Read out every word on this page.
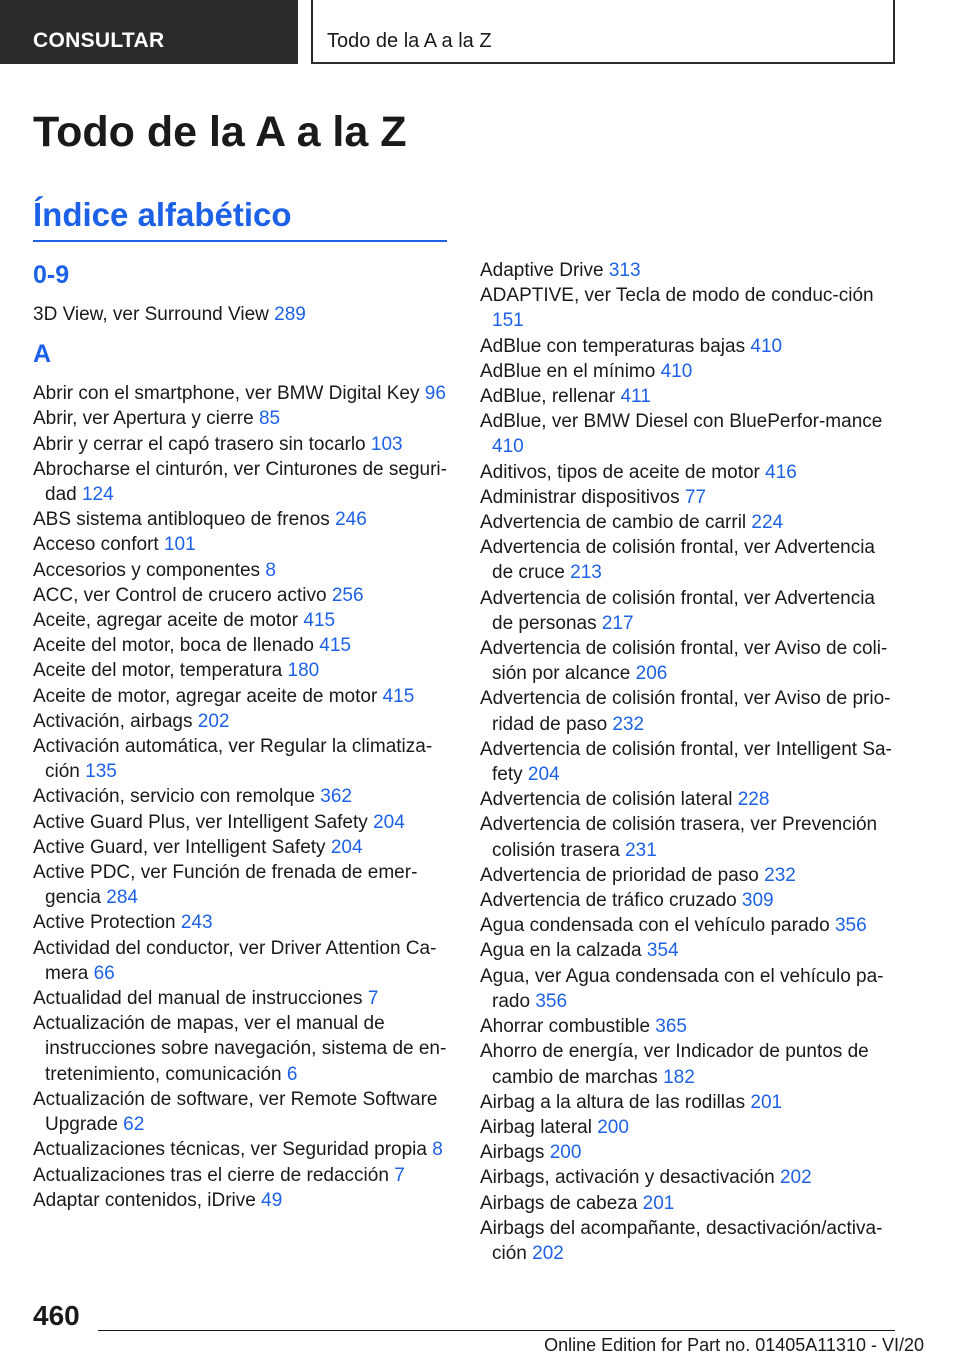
CONSULTAR	Todo de la A a la Z
Todo de la A a la Z
Índice alfabético

0-9

3D View, ver Surround View 289

A

Abrir con el smartphone, ver BMW Digital Key 96

Abrir, ver Apertura y cierre 85

Abrir y cerrar el capó trasero sin tocarlo 103

Abrocharse el cinturón, ver Cinturones de seguri‐dad 124

ABS sistema antibloqueo de frenos 246

Acceso confort 101

Accesorios y componentes 8

ACC, ver Control de crucero activo 256

Aceite, agregar aceite de motor 415

Aceite del motor, boca de llenado 415

Aceite del motor, temperatura 180

Aceite de motor, agregar aceite de motor 415

Activación, airbags 202

Activación automática, ver Regular la climatiza‐ción 135

Activación, servicio con remolque 362

Active Guard Plus, ver Intelligent Safety 204

Active Guard, ver Intelligent Safety 204

Active PDC, ver Función de frenada de emer‐gencia 284

Active Protection 243

Actividad del conductor, ver Driver Attention Ca‐mera 66

Actualidad del manual de instrucciones 7

Actualización de mapas, ver el manual de instrucciones sobre navegación, sistema de en‐tretenimiento, comunicación 6

Actualización de software, ver Remote Software Upgrade 62

Actualizaciones técnicas, ver Seguridad propia 8

Actualizaciones tras el cierre de redacción 7

Adaptar contenidos, iDrive 49

Adaptive Drive 313

ADAPTIVE, ver Tecla de modo de conduc‐ción 151

AdBlue con temperaturas bajas 410

AdBlue en el mínimo 410

AdBlue, rellenar 411

AdBlue, ver BMW Diesel con BluePerfor‐mance 410

Aditivos, tipos de aceite de motor 416

Administrar dispositivos 77

Advertencia de cambio de carril 224

Advertencia de colisión frontal, ver Advertencia de cruce 213

Advertencia de colisión frontal, ver Advertencia de personas 217

Advertencia de colisión frontal, ver Aviso de coli‐sión por alcance 206

Advertencia de colisión frontal, ver Aviso de prio‐ridad de paso 232

Advertencia de colisión frontal, ver Intelligent Sa‐fety 204

Advertencia de colisión lateral 228

Advertencia de colisión trasera, ver Prevención colisión trasera 231

Advertencia de prioridad de paso 232

Advertencia de tráfico cruzado 309

Agua condensada con el vehículo parado 356

Agua en la calzada 354

Agua, ver Agua condensada con el vehículo pa‐rado 356

Ahorrar combustible 365

Ahorro de energía, ver Indicador de puntos de cambio de marchas 182

Airbag a la altura de las rodillas 201

Airbag lateral 200

Airbags 200

Airbags, activación y desactivación 202

Airbags de cabeza 201

Airbags del acompañante, desactivación/activa‐ción 202

460

Online Edition for Part no. 01405A11310 - VI/20
